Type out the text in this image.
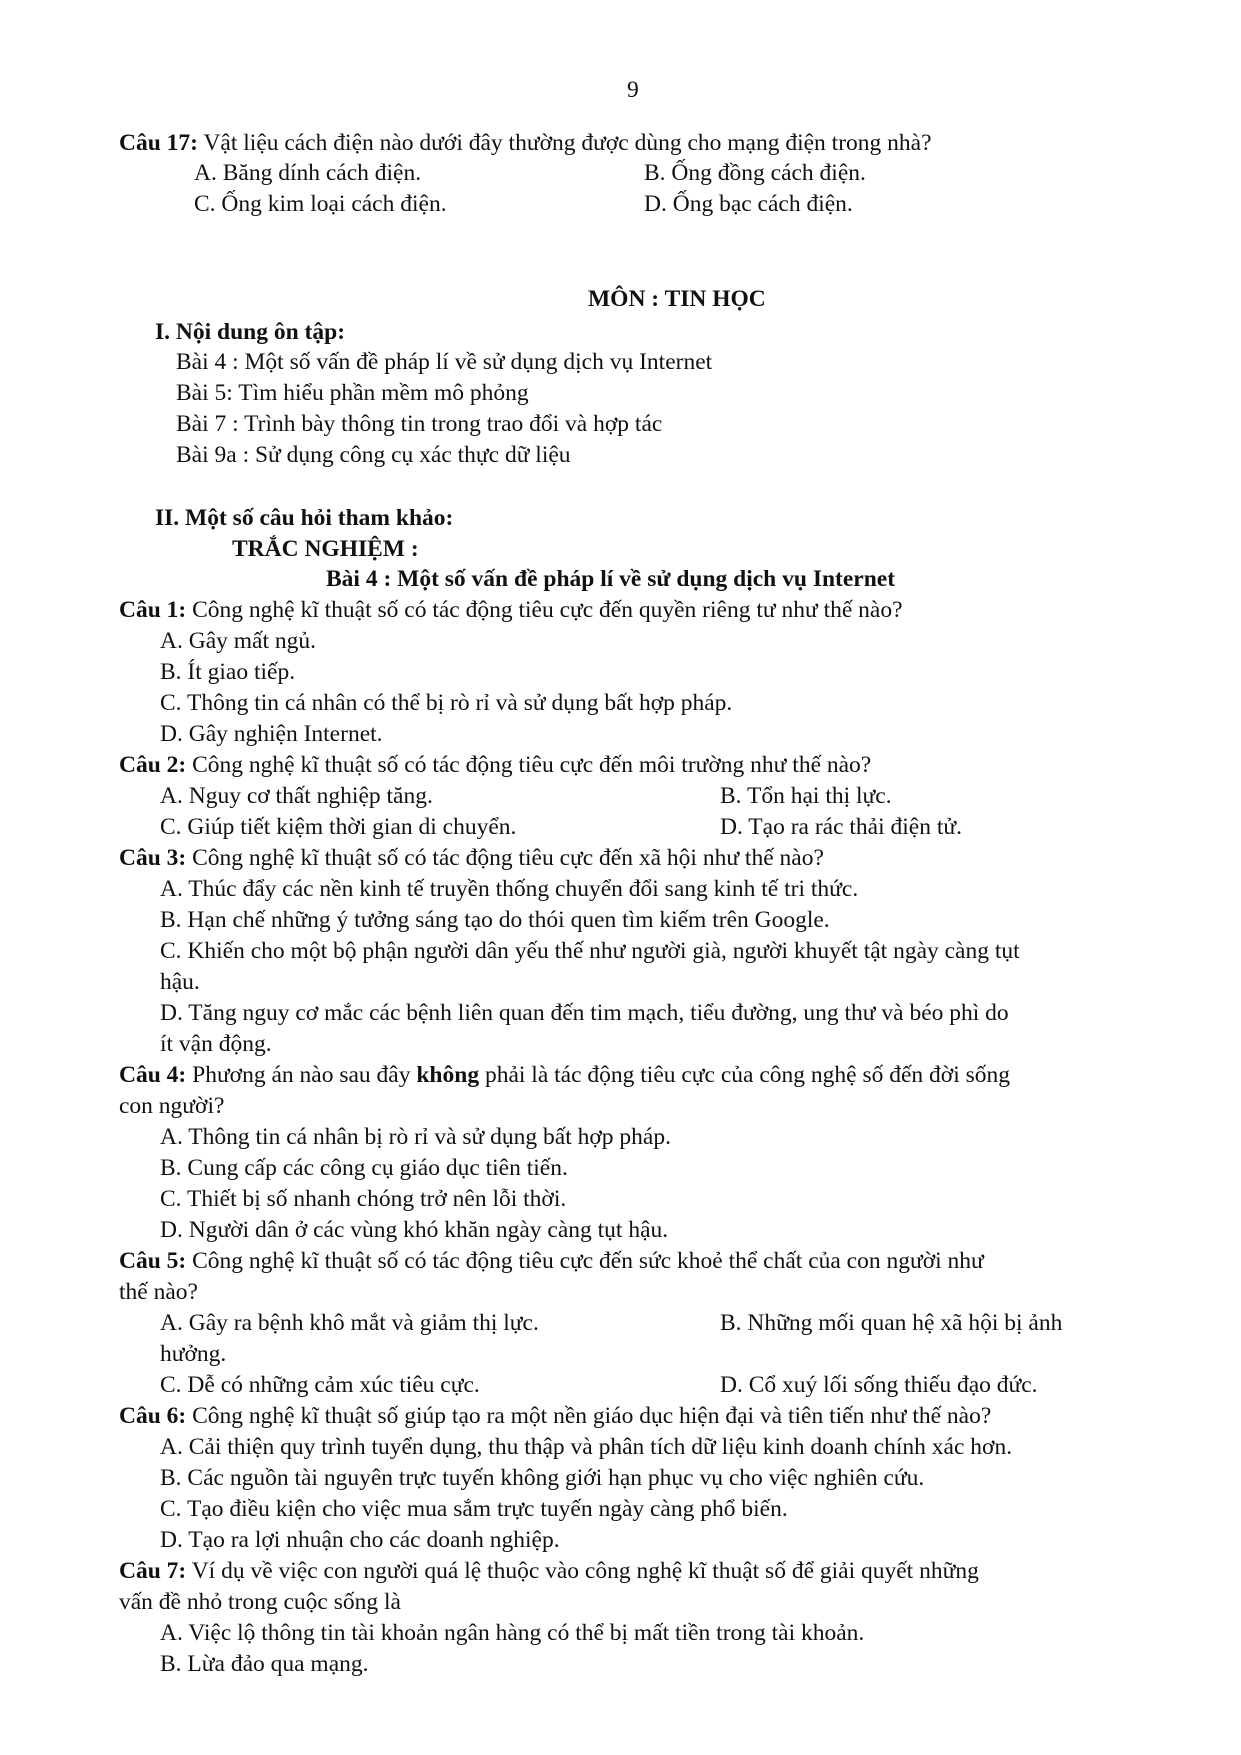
9
Câu 17: Vật liệu cách điện nào dưới đây thường được dùng cho mạng điện trong nhà?
A. Băng dính cách điện.	B. Ống đồng cách điện.
C. Ống kim loại cách điện.	D. Ống bạc cách điện.
MÔN : TIN HỌC
I. Nội dung ôn tập:
Bài 4 : Một số vấn đề pháp lí về sử dụng dịch vụ Internet
Bài 5: Tìm hiểu phần mềm mô phỏng
Bài 7 : Trình bày thông tin trong trao đổi và hợp tác
Bài 9a : Sử dụng công cụ xác thực dữ liệu
II. Một số câu hỏi tham khảo:
TRẮC NGHIỆM :
Bài 4 : Một số vấn đề pháp lí về sử dụng dịch vụ Internet
Câu 1: Công nghệ kĩ thuật số có tác động tiêu cực đến quyền riêng tư như thế nào?
A. Gây mất ngủ.
B. Ít giao tiếp.
C. Thông tin cá nhân có thể bị rò rỉ và sử dụng bất hợp pháp.
D. Gây nghiện Internet.
Câu 2: Công nghệ kĩ thuật số có tác động tiêu cực đến môi trường như thế nào?
A. Nguy cơ thất nghiệp tăng.	B. Tổn hại thị lực.
C. Giúp tiết kiệm thời gian di chuyển.	D. Tạo ra rác thải điện tử.
Câu 3: Công nghệ kĩ thuật số có tác động tiêu cực đến xã hội như thế nào?
A. Thúc đẩy các nền kinh tế truyền thống chuyển đổi sang kinh tế tri thức.
B. Hạn chế những ý tưởng sáng tạo do thói quen tìm kiếm trên Google.
C. Khiến cho một bộ phận người dân yếu thế như người già, người khuyết tật ngày càng tụt
hậu.
D. Tăng nguy cơ mắc các bệnh liên quan đến tim mạch, tiểu đường, ung thư và béo phì do
ít vận động.
Câu 4: Phương án nào sau đây không phải là tác động tiêu cực của công nghệ số đến đời sống
con người?
A. Thông tin cá nhân bị rò rỉ và sử dụng bất hợp pháp.
B. Cung cấp các công cụ giáo dục tiên tiến.
C. Thiết bị số nhanh chóng trở nên lỗi thời.
D. Người dân ở các vùng khó khăn ngày càng tụt hậu.
Câu 5: Công nghệ kĩ thuật số có tác động tiêu cực đến sức khoẻ thể chất của con người như
thế nào?
A. Gây ra bệnh khô mắt và giảm thị lực.	B. Những mối quan hệ xã hội bị ảnh
hưởng.
C. Dễ có những cảm xúc tiêu cực.	D. Cổ xuý lối sống thiếu đạo đức.
Câu 6: Công nghệ kĩ thuật số giúp tạo ra một nền giáo dục hiện đại và tiên tiến như thế nào?
A. Cải thiện quy trình tuyển dụng, thu thập và phân tích dữ liệu kinh doanh chính xác hơn.
B. Các nguồn tài nguyên trực tuyến không giới hạn phục vụ cho việc nghiên cứu.
C. Tạo điều kiện cho việc mua sắm trực tuyến ngày càng phổ biến.
D. Tạo ra lợi nhuận cho các doanh nghiệp.
Câu 7: Ví dụ về việc con người quá lệ thuộc vào công nghệ kĩ thuật số để giải quyết những
vấn đề nhỏ trong cuộc sống là
A. Việc lộ thông tin tài khoản ngân hàng có thể bị mất tiền trong tài khoản.
B. Lừa đảo qua mạng.
